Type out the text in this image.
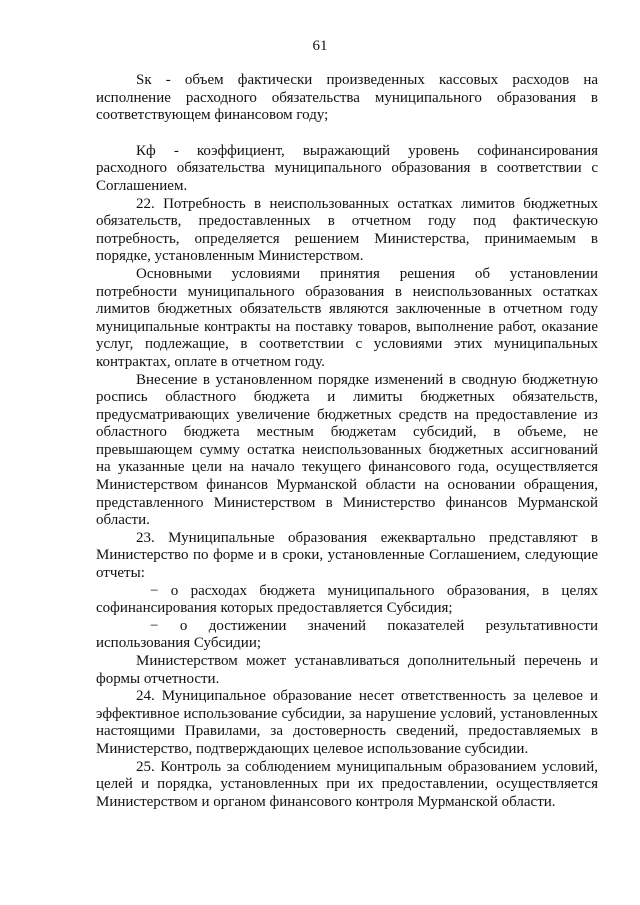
61

Sк - объем фактически произведенных кассовых расходов на исполнение расходного обязательства муниципального образования в соответствующем финансовом году;

Кф - коэффициент, выражающий уровень софинансирования расходного обязательства муниципального образования в соответствии с Соглашением.

22. Потребность в неиспользованных остатках лимитов бюджетных обязательств, предоставленных в отчетном году под фактическую потребность, определяется решением Министерства, принимаемым в порядке, установленным Министерством.

Основными условиями принятия решения об установлении потребности муниципального образования в неиспользованных остатках лимитов бюджетных обязательств являются заключенные в отчетном году муниципальные контракты на поставку товаров, выполнение работ, оказание услуг, подлежащие, в соответствии с условиями этих муниципальных контрактах, оплате в отчетном году.

Внесение в установленном порядке изменений в сводную бюджетную роспись областного бюджета и лимиты бюджетных обязательств, предусматривающих увеличение бюджетных средств на предоставление из областного бюджета местным бюджетам субсидий, в объеме, не превышающем сумму остатка неиспользованных бюджетных ассигнований на указанные цели на начало текущего финансового года, осуществляется Министерством финансов Мурманской области на основании обращения, представленного Министерством в Министерство финансов Мурманской области.

23. Муниципальные образования ежеквартально представляют в Министерство по форме и в сроки, установленные Соглашением, следующие отчеты:

− о расходах бюджета муниципального образования, в целях софинансирования которых предоставляется Субсидия;

− о достижении значений показателей результативности использования Субсидии;

Министерством может устанавливаться дополнительный перечень и формы отчетности.

24. Муниципальное образование несет ответственность за целевое и эффективное использование субсидии, за нарушение условий, установленных настоящими Правилами, за достоверность сведений, предоставляемых в Министерство, подтверждающих целевое использование субсидии.

25. Контроль за соблюдением муниципальным образованием условий, целей и порядка, установленных при их предоставлении, осуществляется Министерством и органом финансового контроля Мурманской области.
